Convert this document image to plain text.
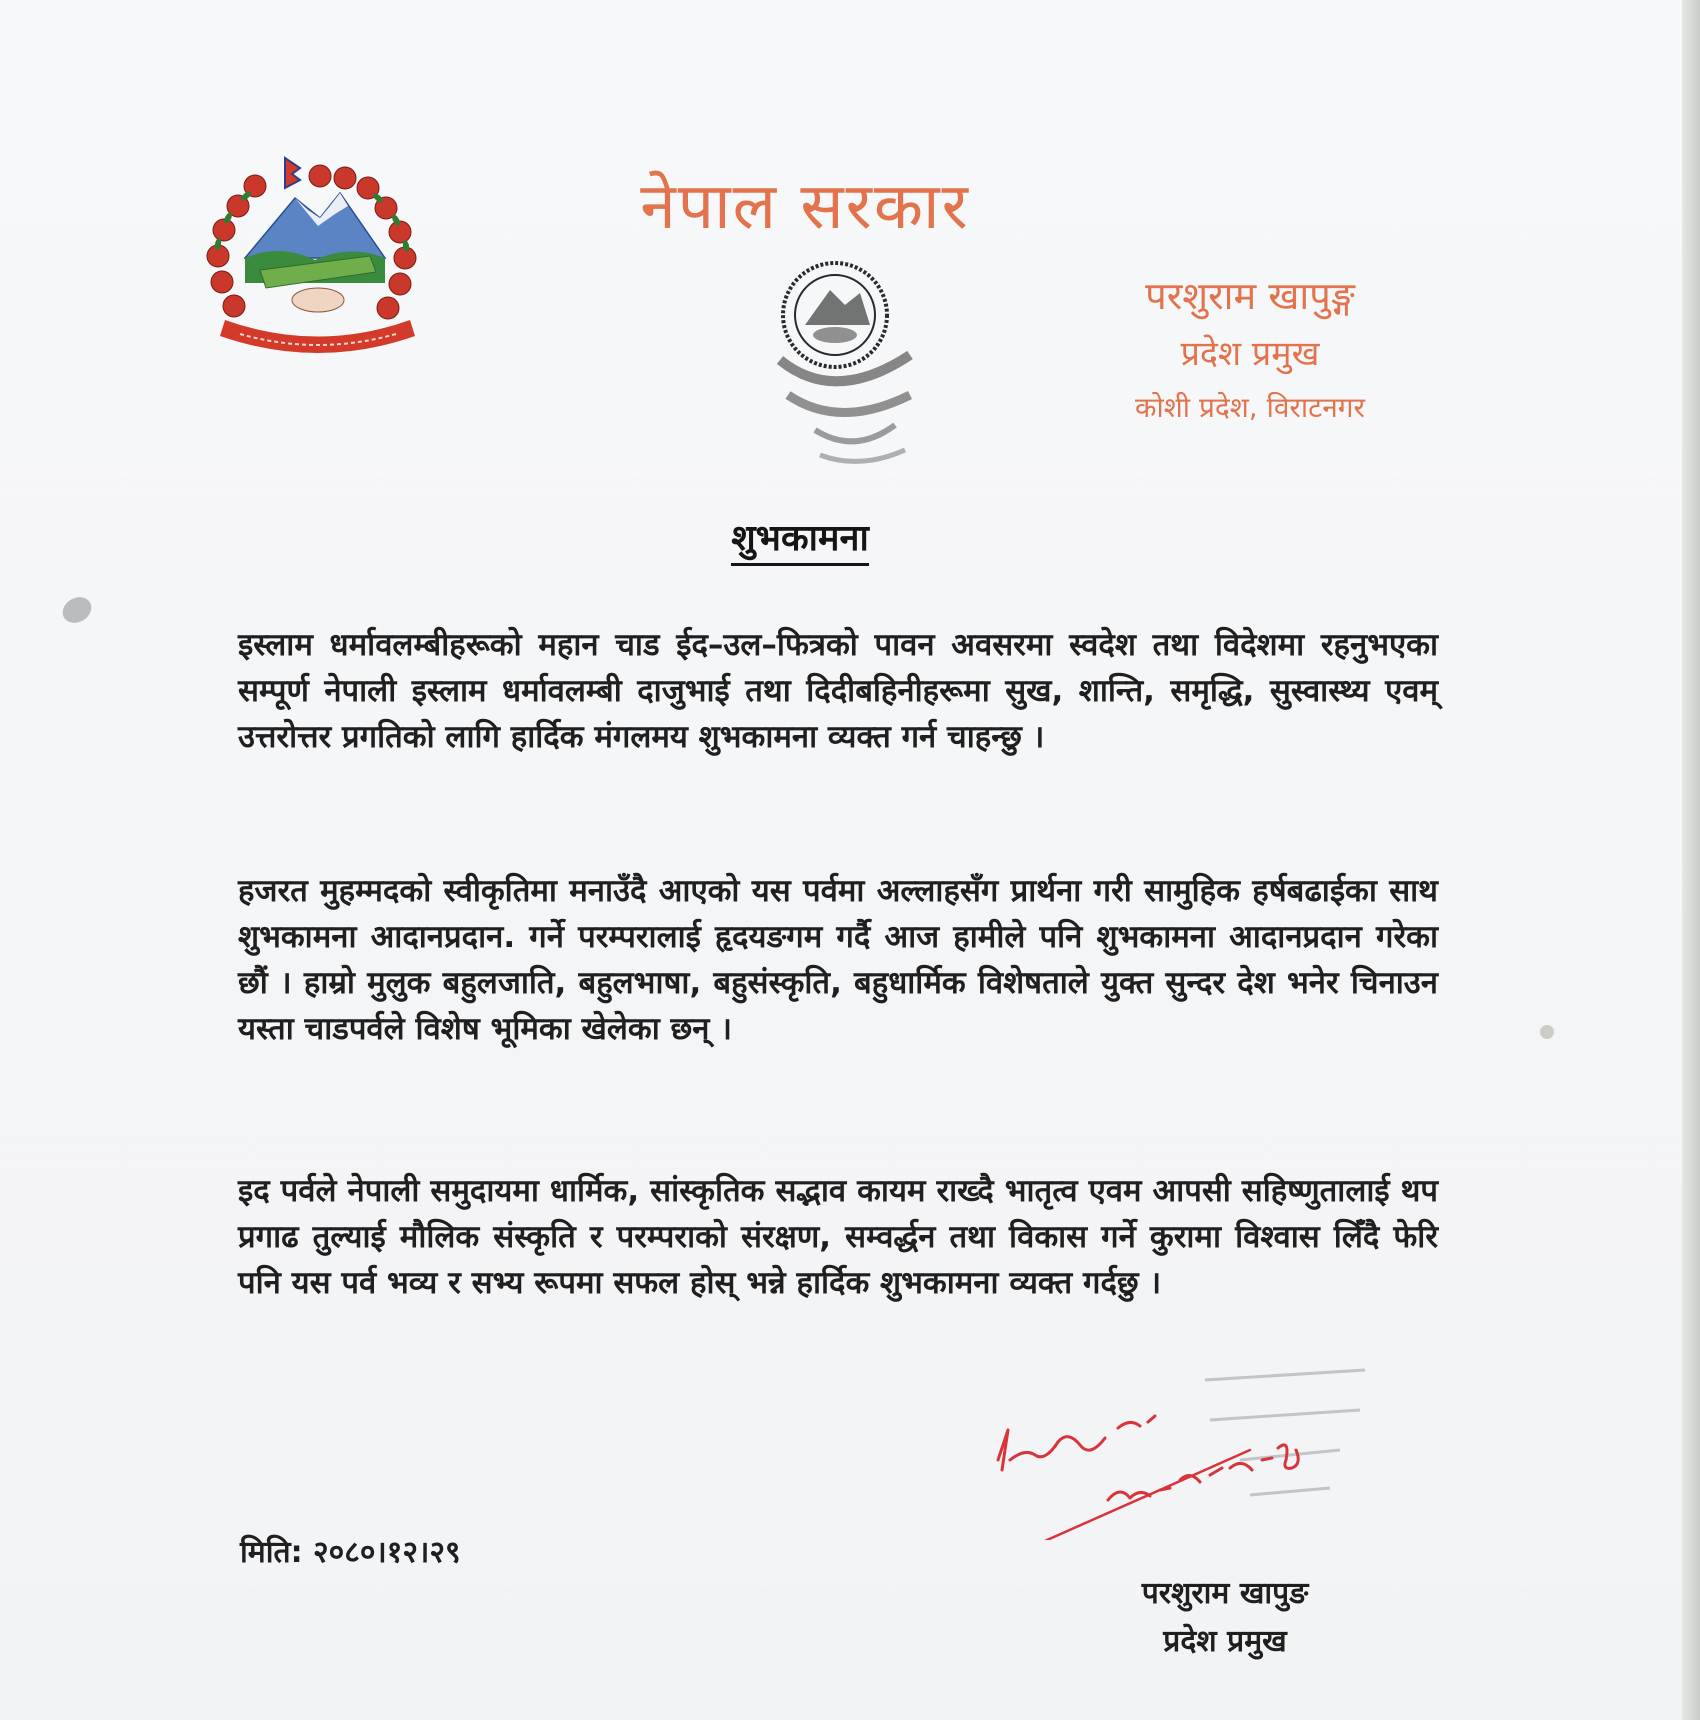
नेपाल सरकार
परशुराम खापुङ्ग
प्रदेश प्रमुख
कोशी प्रदेश, विराटनगर
शुभकामना
इस्लाम धर्मावलम्बीहरूको महान चाड ईद–उल–फित्रको पावन अवसरमा स्वदेश तथा विदेशमा रहनुभएका सम्पूर्ण नेपाली इस्लाम धर्मावलम्बी दाजुभाई तथा दिदीबहिनीहरूमा सुख, शान्ति, समृद्धि, सुस्वास्थ्य एवम् उत्तरोत्तर प्रगतिको लागि हार्दिक मंगलमय शुभकामना व्यक्त गर्न चाहन्छु ।
हजरत मुहम्मदको स्वीकृतिमा मनाउँदै आएको यस पर्वमा अल्लाहसँग प्रार्थना गरी सामुहिक हर्षबढाईका साथ शुभकामना आदानप्रदान. गर्ने परम्परालाई हृदयङगम गर्दै आज हामीले पनि शुभकामना आदानप्रदान गरेका छौं । हाम्रो मुलुक बहुलजाति, बहुलभाषा, बहुसंस्कृति, बहुधार्मिक विशेषताले युक्त सुन्दर देश भनेर चिनाउन यस्ता चाडपर्वले विशेष भूमिका खेलेका छन् ।
इद पर्वले नेपाली समुदायमा धार्मिक, सांस्कृतिक सद्भाव कायम राख्दै भातृत्व एवम आपसी सहिष्णुतालाई थप प्रगाढ तुल्याई मौलिक संस्कृति र परम्पराको संरक्षण, सम्वर्द्धन तथा विकास गर्ने कुरामा विश्वास लिँदै फेरि पनि यस पर्व भव्य र सभ्य रूपमा सफल होस् भन्ने हार्दिक शुभकामना व्यक्त गर्दछु ।
मिति: २०८०।१२।२९
परशुराम खापुङ
प्रदेश प्रमुख
